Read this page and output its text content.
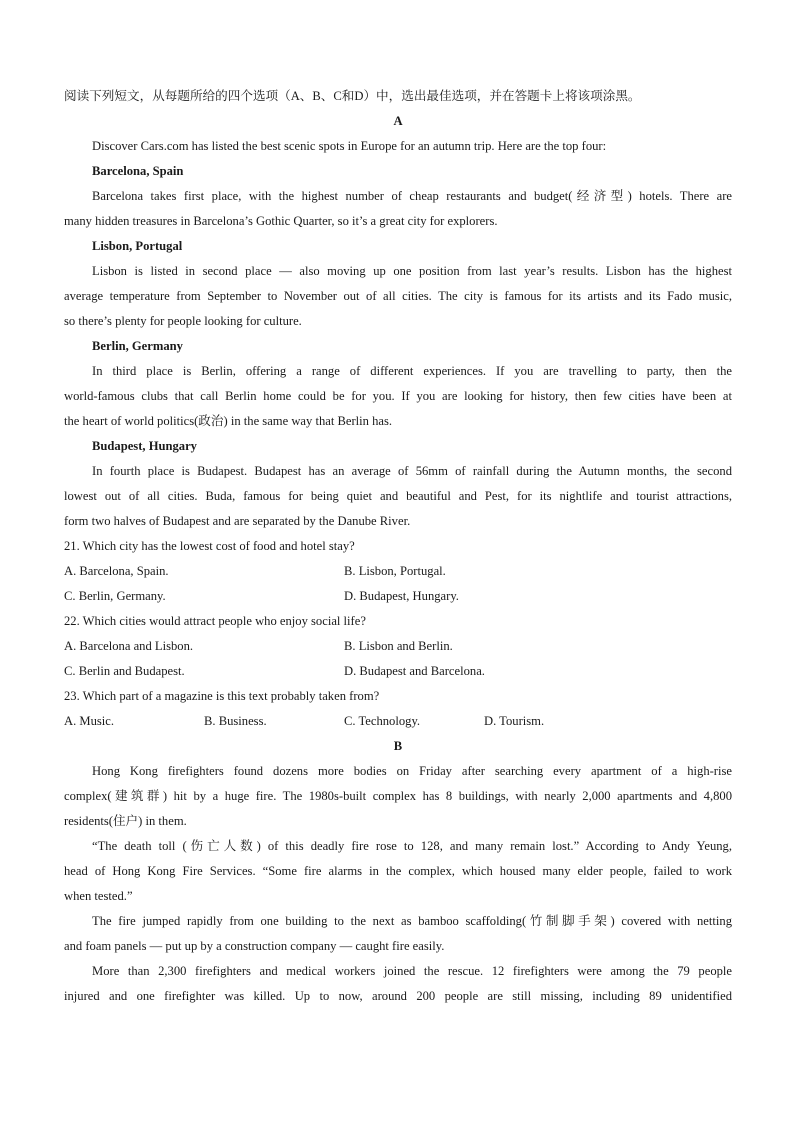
阅读下列短文，从每题所给的四个选项（A、B、C和D）中，选出最佳选项，并在答题卡上将该项涂黑。
A
Discover Cars.com has listed the best scenic spots in Europe for an autumn trip. Here are the top four:
Barcelona, Spain
Barcelona takes first place, with the highest number of cheap restaurants and budget(经济型) hotels. There are
many hidden treasures in Barcelona’s Gothic Quarter, so it’s a great city for explorers.
Lisbon, Portugal
Lisbon is listed in second place — also moving up one position from last year’s results. Lisbon has the highest
average temperature from September to November out of all cities. The city is famous for its artists and its Fado music,
so there’s plenty for people looking for culture.
Berlin, Germany
In third place is Berlin, offering a range of different experiences. If you are travelling to party, then the
world-famous clubs that call Berlin home could be for you. If you are looking for history, then few cities have been at
the heart of world politics(政治) in the same way that Berlin has.
Budapest, Hungary
In fourth place is Budapest. Budapest has an average of 56mm of rainfall during the Autumn months, the second
lowest out of all cities. Buda, famous for being quiet and beautiful and Pest, for its nightlife and tourist attractions,
form two halves of Budapest and are separated by the Danube River.
21. Which city has the lowest cost of food and hotel stay?
A. Barcelona, Spain.	B. Lisbon, Portugal.
C. Berlin, Germany.	D. Budapest, Hungary.
22. Which cities would attract people who enjoy social life?
A. Barcelona and Lisbon.	B. Lisbon and Berlin.
C. Berlin and Budapest.	D. Budapest and Barcelona.
23. Which part of a magazine is this text probably taken from?
A. Music.	B. Business.	C. Technology.	D. Tourism.
B
Hong Kong firefighters found dozens more bodies on Friday after searching every apartment of a high-rise
complex(建筑群) hit by a huge fire. The 1980s-built complex has 8 buildings, with nearly 2,000 apartments and 4,800
residents(住户) in them.
“The death toll (伤亡人数) of this deadly fire rose to 128, and many remain lost.” According to Andy Yeung,
head of Hong Kong Fire Services. “Some fire alarms in the complex, which housed many elder people, failed to work
when tested.”
The fire jumped rapidly from one building to the next as bamboo scaffolding(竹制脚手架) covered with netting
and foam panels — put up by a construction company — caught fire easily.
More than 2,300 firefighters and medical workers joined the rescue. 12 firefighters were among the 79 people
injured and one firefighter was killed. Up to now, around 200 people are still missing, including 89 unidentified
